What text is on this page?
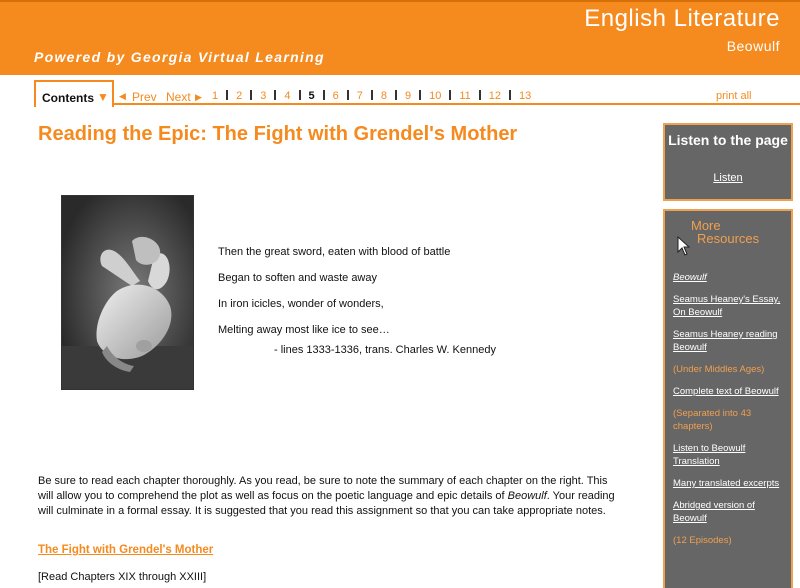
English Literature
Beowulf
Powered by Georgia Virtual Learning
Contents ▼ ◀ Prev Next ▶ 1 2 3 4 5 6 7 8 9 10 11 12 13	print all
Reading the Epic: The Fight with Grendel's Mother
Then the great sword, eaten with blood of battle
Began to soften and waste away
In iron icicles, wonder of wonders,
Melting away most like ice to see…
- lines 1333-1336, trans. Charles W. Kennedy
Be sure to read each chapter thoroughly. As you read, be sure to note the summary of each chapter on the right. This will allow you to comprehend the plot as well as focus on the poetic language and epic details of Beowulf. Your reading will culminate in a formal essay. It is suggested that you read this assignment so that you can take appropriate notes.
The Fight with Grendel's Mother
[Read Chapters XIX through XXIII]
Listen to the page
Listen
More
Resources
Beowulf
Seamus Heaney's Essay, On Beowulf
Seamus Heaney reading Beowulf
(Under Middles Ages)
Complete text of Beowulf
(Separated into 43 chapters)
Listen to Beowulf Translation
Many translated excerpts
Abridged version of Beowulf
(12 Episodes)
